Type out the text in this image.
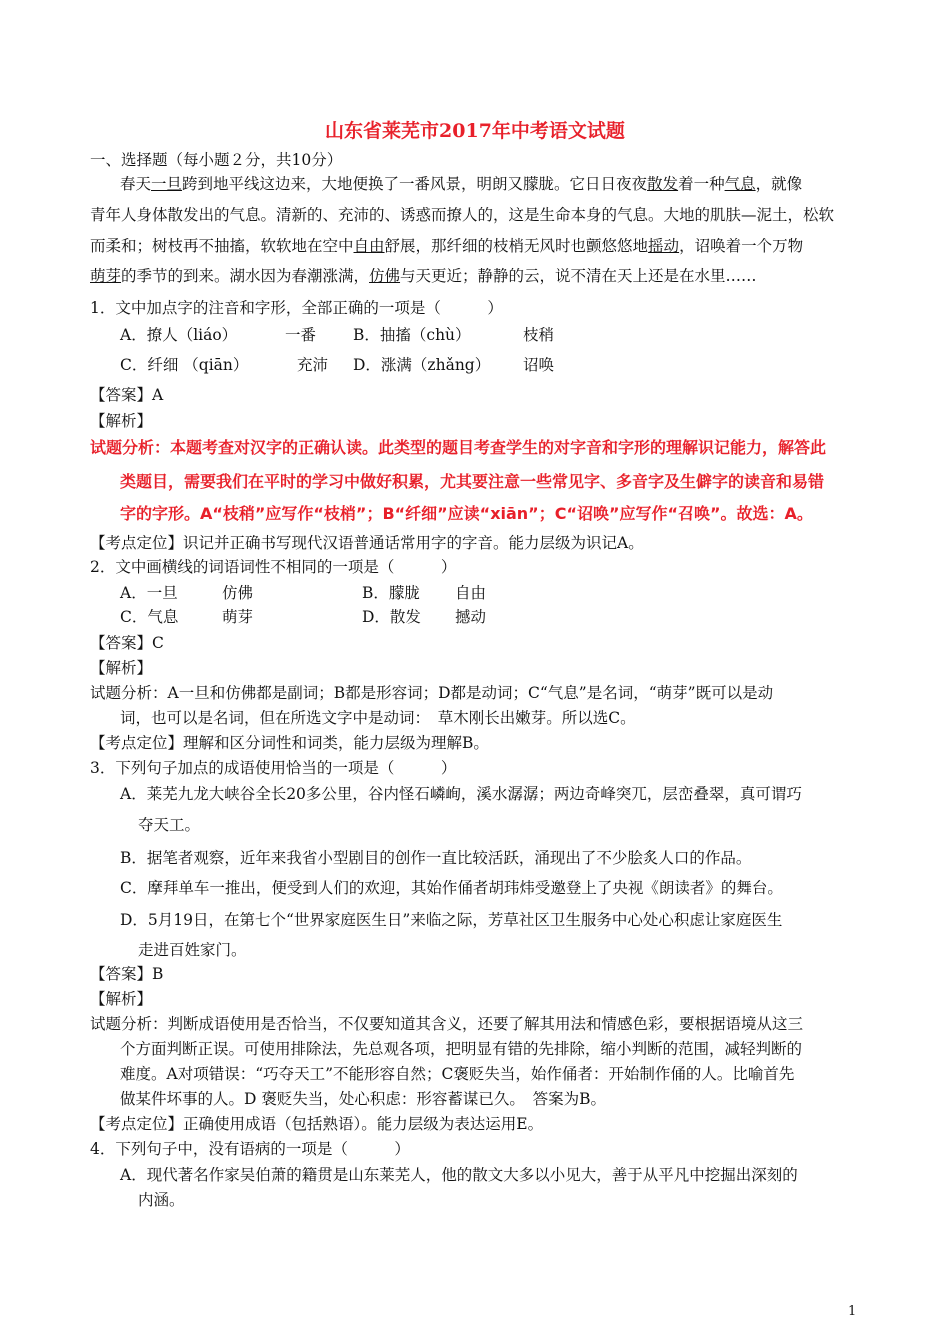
山东省莱芜市2017年中考语文试题
一、选择题（每小题２分，共10分）
春天一旦跨到地平线这边来，大地便换了一番风景，明朗又朦胧。它日日夜夜散发着一种气息，就像
青年人身体散发出的气息。清新的、充沛的、诱惑而撩人的，这是生命本身的气息。大地的肌肤—泥土，松软
而柔和；树枝再不抽搐，软软地在空中自由舒展，那纤细的枝梢无风时也颤悠悠地摇动，诏唤着一个万物
萌芽的季节的到来。湖水因为春潮涨满，仿佛与天更近；静静的云，说不清在天上还是在水里……
1．文中加点字的注音和字形，全部正确的一项是（　　　）
A．撩人（liáo）	一番 B．抽搐（chù）	枝稍
C．纤细 （qiān）	充沛 D．涨满（zhǎng） 诏唤
【答案】A
【解析】
试题分析：本题考查对汉字的正确认读。此类型的题目考查学生的对字音和字形的理解识记能力，解答此
类题目，需要我们在平时的学习中做好积累，尤其要注意一些常见字、多音字及生僻字的读音和易错
字的字形。A“枝稍”应写作“枝梢”；B“纤细”应读“xiān”；C“诏唤”应写作“召唤”。故选：A。
【考点定位】识记并正确书写现代汉语普通话常用字的字音。能力层级为识记A。
2．文中画横线的词语词性不相同的一项是（　　　）
A．一旦	仿佛	B．朦胧 自由
C．气息	萌芽	D．散发 撼动
【答案】C
【解析】
试题分析：A一旦和仿佛都是副词；B都是形容词；D都是动词；C“气息”是名词，“萌芽”既可以是动
词，也可以是名词，但在所选文字中是动词：　草木刚长出嫩芽。所以选C。
【考点定位】理解和区分词性和词类，能力层级为理解B。
3．下列句子加点的成语使用恰当的一项是（　　　）
A．莱芜九龙大峡谷全长20多公里，谷内怪石嶙峋，溪水潺潺；两边奇峰突兀，层峦叠翠，真可谓巧
夺天工。
B．据笔者观察，近年来我省小型剧目的创作一直比较活跃，涌现出了不少脍炙人口的作品。
C．摩拜单车一推出，便受到人们的欢迎，其始作俑者胡玮炜受邀登上了央视《朗读者》的舞台。
D．5月19日，在第七个“世界家庭医生日”来临之际，芳草社区卫生服务中心处心积虑让家庭医生
走进百姓家门。
【答案】B
【解析】
试题分析：判断成语使用是否恰当，不仅要知道其含义，还要了解其用法和情感色彩，要根据语境从这三
个方面判断正误。可使用排除法，先总观各项，把明显有错的先排除，缩小判断的范围，减轻判断的
难度。A对项错误：“巧夺天工”不能形容自然；C褒贬失当，始作俑者：开始制作俑的人。比喻首先
做某件坏事的人。D 褒贬失当，处心积虑：形容蓄谋已久。　答案为B。
【考点定位】正确使用成语（包括熟语）。能力层级为表达运用E。
4．下列句子中，没有语病的一项是（　　　）
A．现代著名作家吴伯萧的籍贯是山东莱芜人，他的散文大多以小见大，善于从平凡中挖掘出深刻的
内涵。
1
